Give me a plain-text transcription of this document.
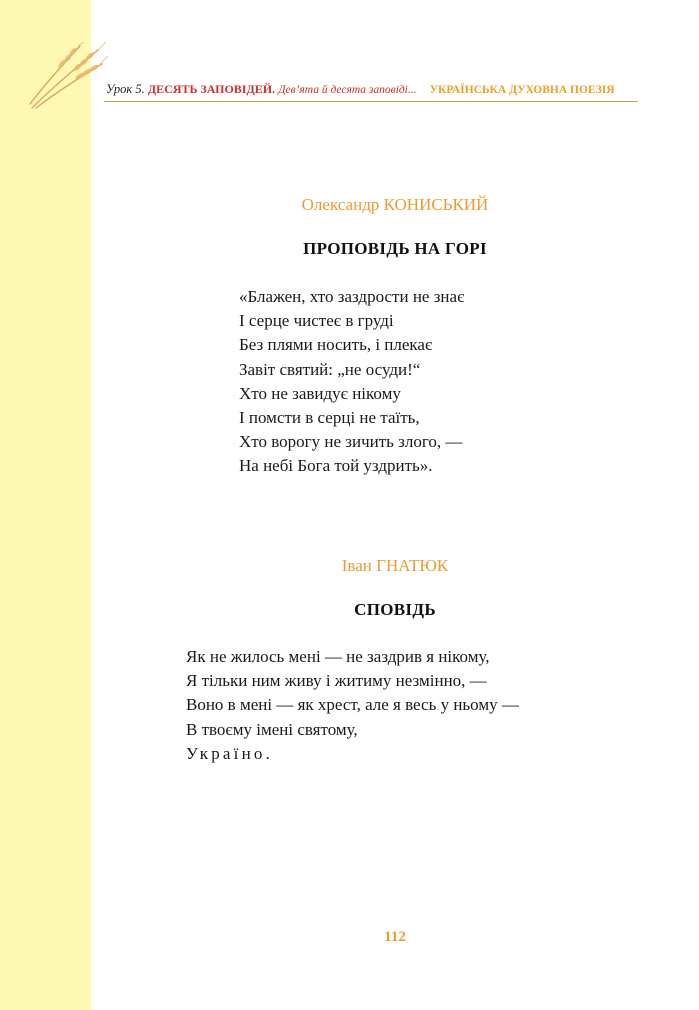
Урок 5. ДЕСЯТЬ ЗАПОВІДЕЙ. Дев’ята й десята заповіді... УКРАЇНСЬКА ДУХОВНА ПОЕЗІЯ
Олександр КОНИСЬКИЙ
ПРОПОВІДЬ НА ГОРІ
«Блажен, хто заздрости не знає
І серце чистеє в груді
Без плями носить, і плекає
Завіт святий: „не осуди!“
Хто не завидує нікому
І помсти в серці не таїть,
Хто ворогу не зичить злого, —
На небі Бога той уздрить».
Іван ГНАТЮК
СПОВІДЬ
Як не жилось мені — не заздрив я нікому,
Я тільки ним живу і житиму незмінно, —
Воно в мені — як хрест, але я весь у ньому —
В твоєму імені святому,
Україно.
112
